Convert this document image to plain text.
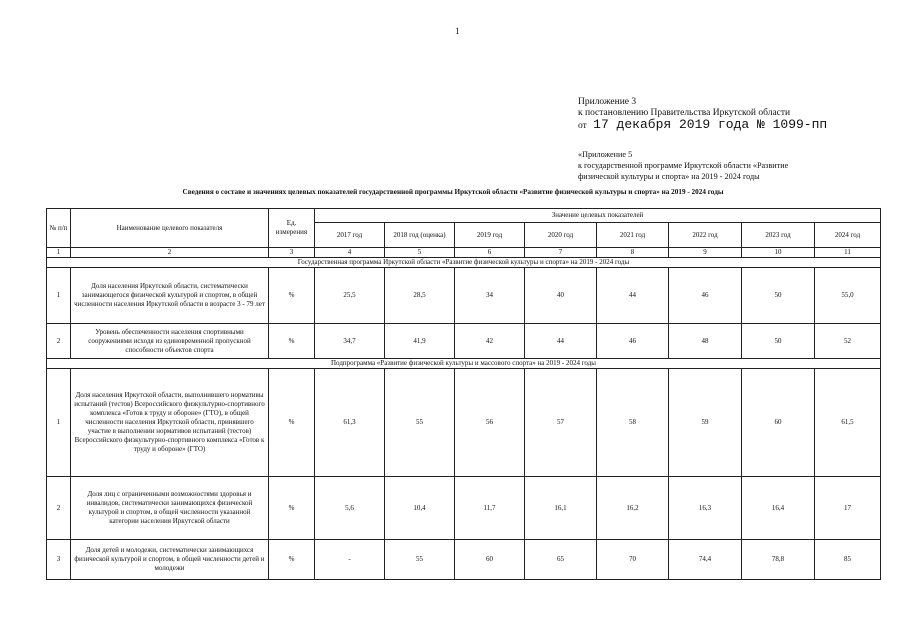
1
Приложение 3
к постановлению Правительства Иркутской области
от 17 декабря 2019 года № 1099-пп
«Приложение 5
к государственной программе Иркутской области «Развитие
физической культуры и спорта» на 2019 - 2024 годы
Сведения о составе и значениях целевых показателей государственной программы Иркутской области «Развитие физической культуры и спорта» на 2019 - 2024 годы
№ п/п	Наименование целевого показателя	Ед. измерения	Значение целевых показателей							
			2017 год	2018 год (оценка)	2019 год	2020 год	2021 год	2022 год	2023 год	2024 год
1	2	3	4	5	6	7	8	9	10	11
Государственная программа Иркутской области «Развитие физической культуры и спорта» на 2019 - 2024 годы										
1	Доля населения Иркутской области, систематически занимающегося физической культурой и спортом, в общей численности населения Иркутской области в возрасте 3 - 79 лет	%	25,5	28,5	34	40	44	46	50	55,0
2	Уровень обеспеченности населения спортивными сооружениями исходя из единовременной пропускной способности объектов спорта	%	34,7	41,9	42	44	46	48	50	52
Подпрограмма «Развитие физической культуры и массового спорта» на 2019 - 2024 годы										
1	Доля населения Иркутской области, выполнившего нормативы испытаний (тестов) Всероссийского физкультурно-спортивного комплекса «Готов к труду и обороне» (ГТО), в общей численности населения Иркутской области, принявшего участие в выполнении нормативов испытаний (тестов) Всероссийского физкультурно-спортивного комплекса «Готов к труду и обороне» (ГТО)	%	61,3	55	56	57	58	59	60	61,5
2	Доля лиц с ограниченными возможностями здоровья и инвалидов, систематически занимающихся физической культурой и спортом, в общей численности указанной категории населения Иркутской области	%	5,6	10,4	11,7	16,1	16,2	16,3	16,4	17
3	Доля детей и молодежи, систематически занимающихся физической культурой и спортом, в общей численности детей и молодежи	%	-	55	60	65	70	74,4	78,8	85
